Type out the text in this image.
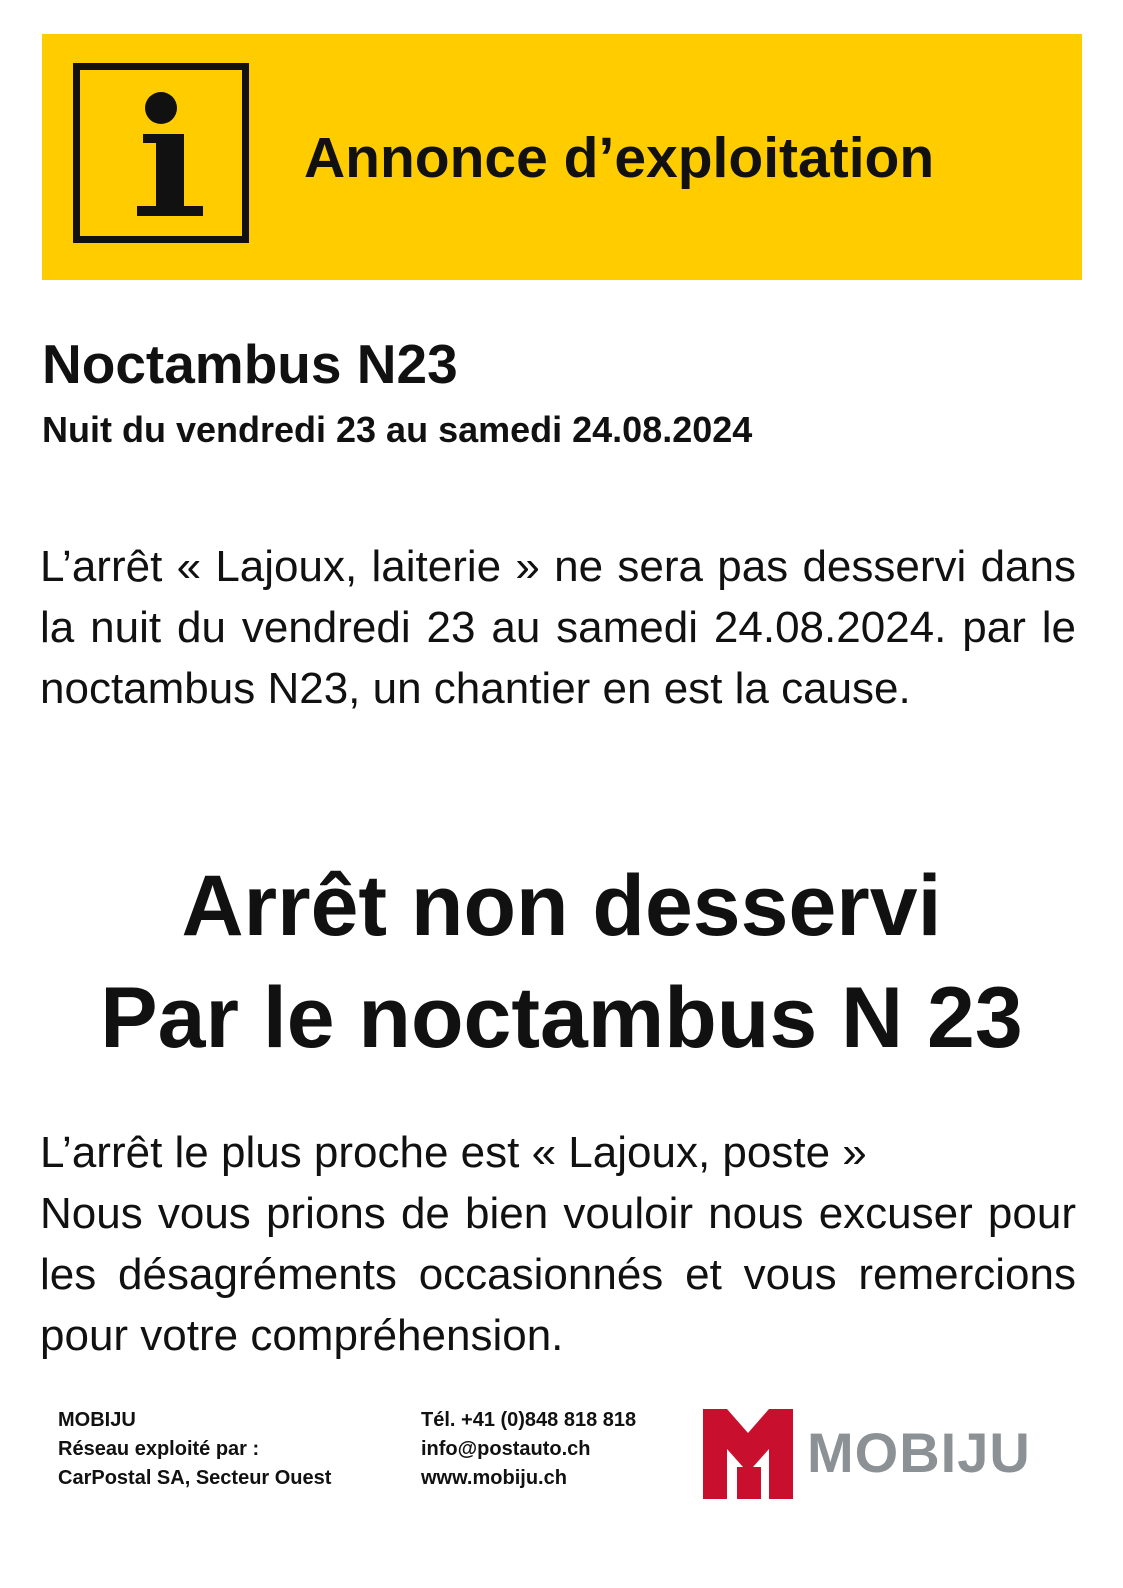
Annonce d’exploitation
Noctambus N23
Nuit du vendredi 23 au samedi 24.08.2024
L’arrêt « Lajoux, laiterie » ne sera pas desservi dans la nuit du vendredi 23 au samedi 24.08.2024. par le noctambus N23, un chantier en est la cause.
Arrêt non desservi
Par le noctambus N 23
L’arrêt le plus proche est « Lajoux, poste »
Nous vous prions de bien vouloir nous excuser pour les désagréments occasionnés et vous remercions pour votre compréhension.
MOBIJU
Réseau exploité par :
CarPostal SA, Secteur Ouest
Tél. +41 (0)848 818 818
info@postauto.ch
www.mobiju.ch	MOBIJU
